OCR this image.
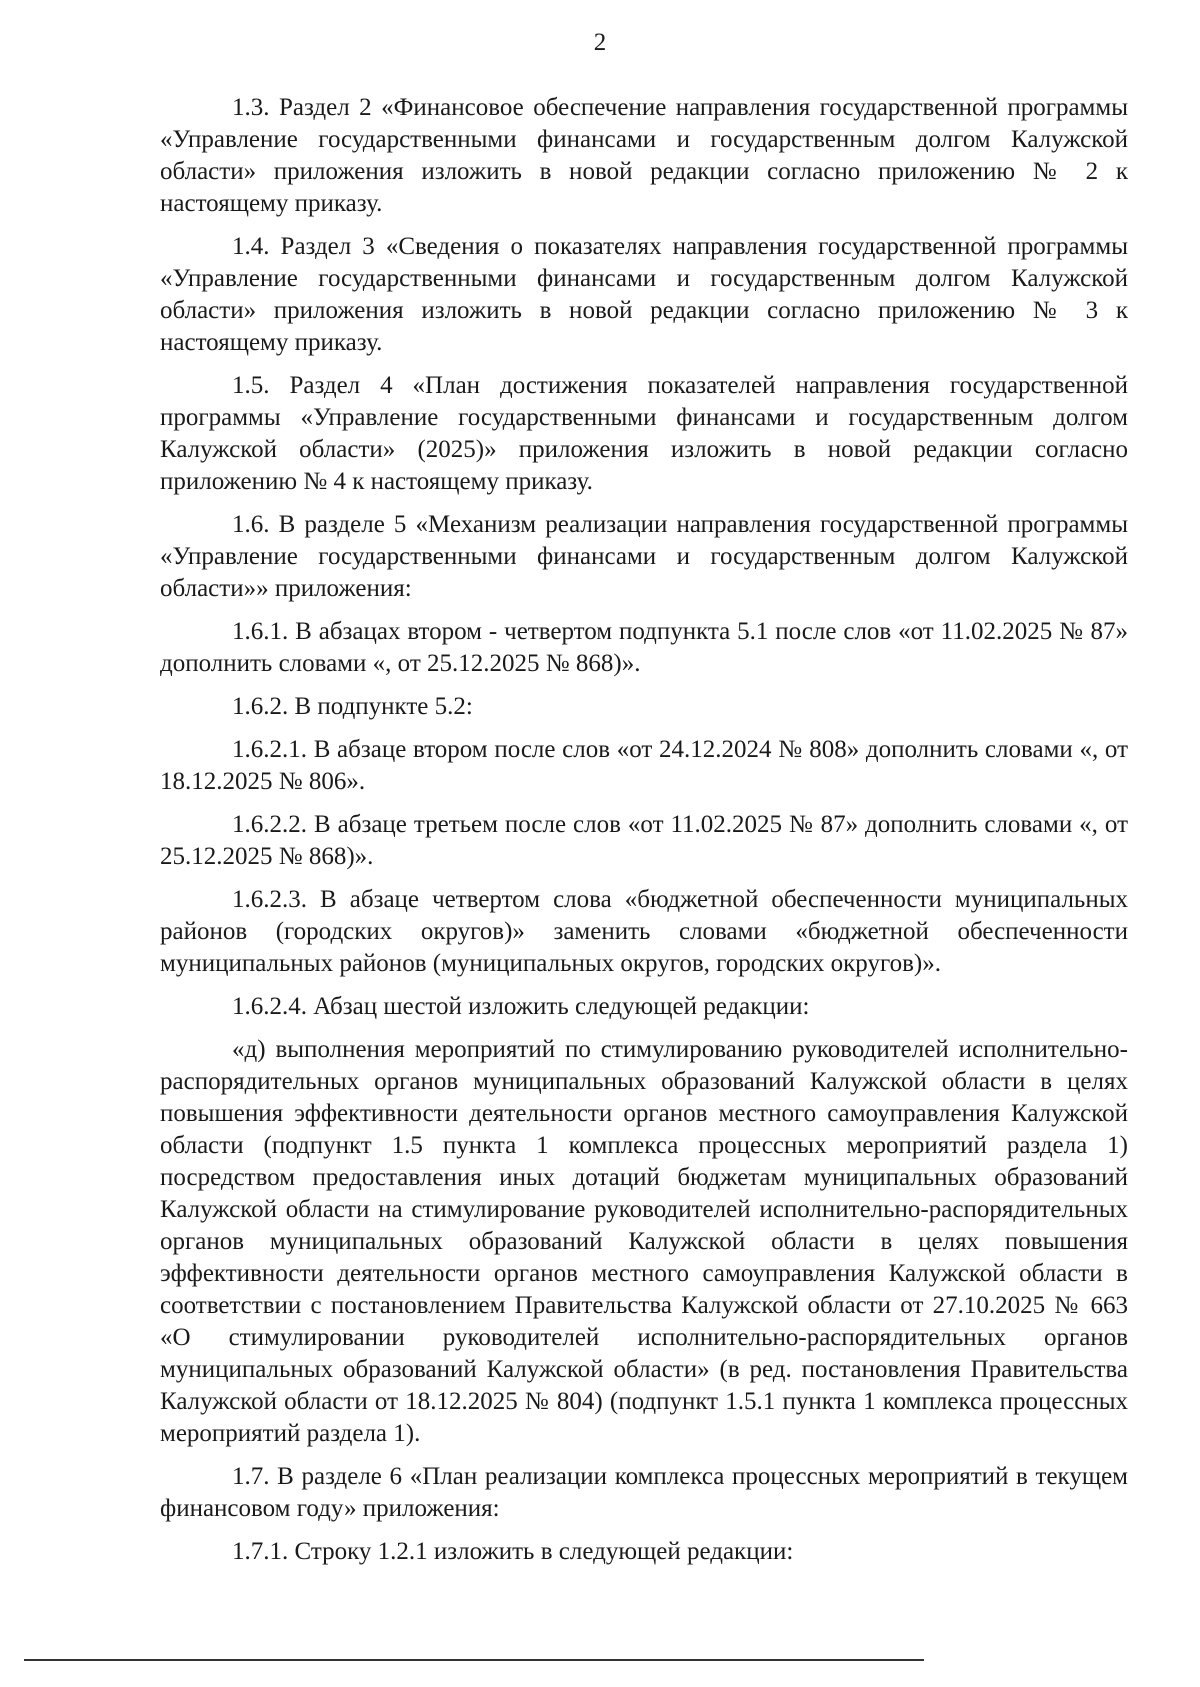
2

1.3. Раздел 2 «Финансовое обеспечение направления государственной программы «Управление государственными финансами и государственным долгом Калужской области» приложения изложить в новой редакции согласно приложению № 2 к настоящему приказу.

1.4. Раздел 3 «Сведения о показателях направления государственной программы «Управление государственными финансами и государственным долгом Калужской области» приложения изложить в новой редакции согласно приложению № 3 к настоящему приказу.

1.5. Раздел 4 «План достижения показателей направления государственной программы «Управление государственными финансами и государственным долгом Калужской области» (2025)» приложения изложить в новой редакции согласно приложению № 4 к настоящему приказу.

1.6. В разделе 5 «Механизм реализации направления государственной программы «Управление государственными финансами и государственным долгом Калужской области»» приложения:

1.6.1. В абзацах втором - четвертом подпункта 5.1 после слов «от 11.02.2025 № 87» дополнить словами «, от 25.12.2025 № 868)».

1.6.2. В подпункте 5.2:

1.6.2.1. В абзаце втором после слов «от 24.12.2024 № 808» дополнить словами «, от 18.12.2025 № 806».

1.6.2.2. В абзаце третьем после слов «от 11.02.2025 № 87» дополнить словами «, от 25.12.2025 № 868)».

1.6.2.3. В абзаце четвертом слова «бюджетной обеспеченности муниципальных районов (городских округов)» заменить словами «бюджетной обеспеченности муниципальных районов (муниципальных округов, городских округов)».

1.6.2.4. Абзац шестой изложить следующей редакции:

«д) выполнения мероприятий по стимулированию руководителей исполнительно-распорядительных органов муниципальных образований Калужской области в целях повышения эффективности деятельности органов местного самоуправления Калужской области (подпункт 1.5 пункта 1 комплекса процессных мероприятий раздела 1) посредством предоставления иных дотаций бюджетам муниципальных образований Калужской области на стимулирование руководителей исполнительно-распорядительных органов муниципальных образований Калужской области в целях повышения эффективности деятельности органов местного самоуправления Калужской области в соответствии с постановлением Правительства Калужской области от 27.10.2025 № 663 «О стимулировании руководителей исполнительно-распорядительных органов муниципальных образований Калужской области» (в ред. постановления Правительства Калужской области от 18.12.2025 № 804) (подпункт 1.5.1 пункта 1 комплекса процессных мероприятий раздела 1).

1.7. В разделе 6 «План реализации комплекса процессных мероприятий в текущем финансовом году» приложения:

1.7.1. Строку 1.2.1 изложить в следующей редакции:
